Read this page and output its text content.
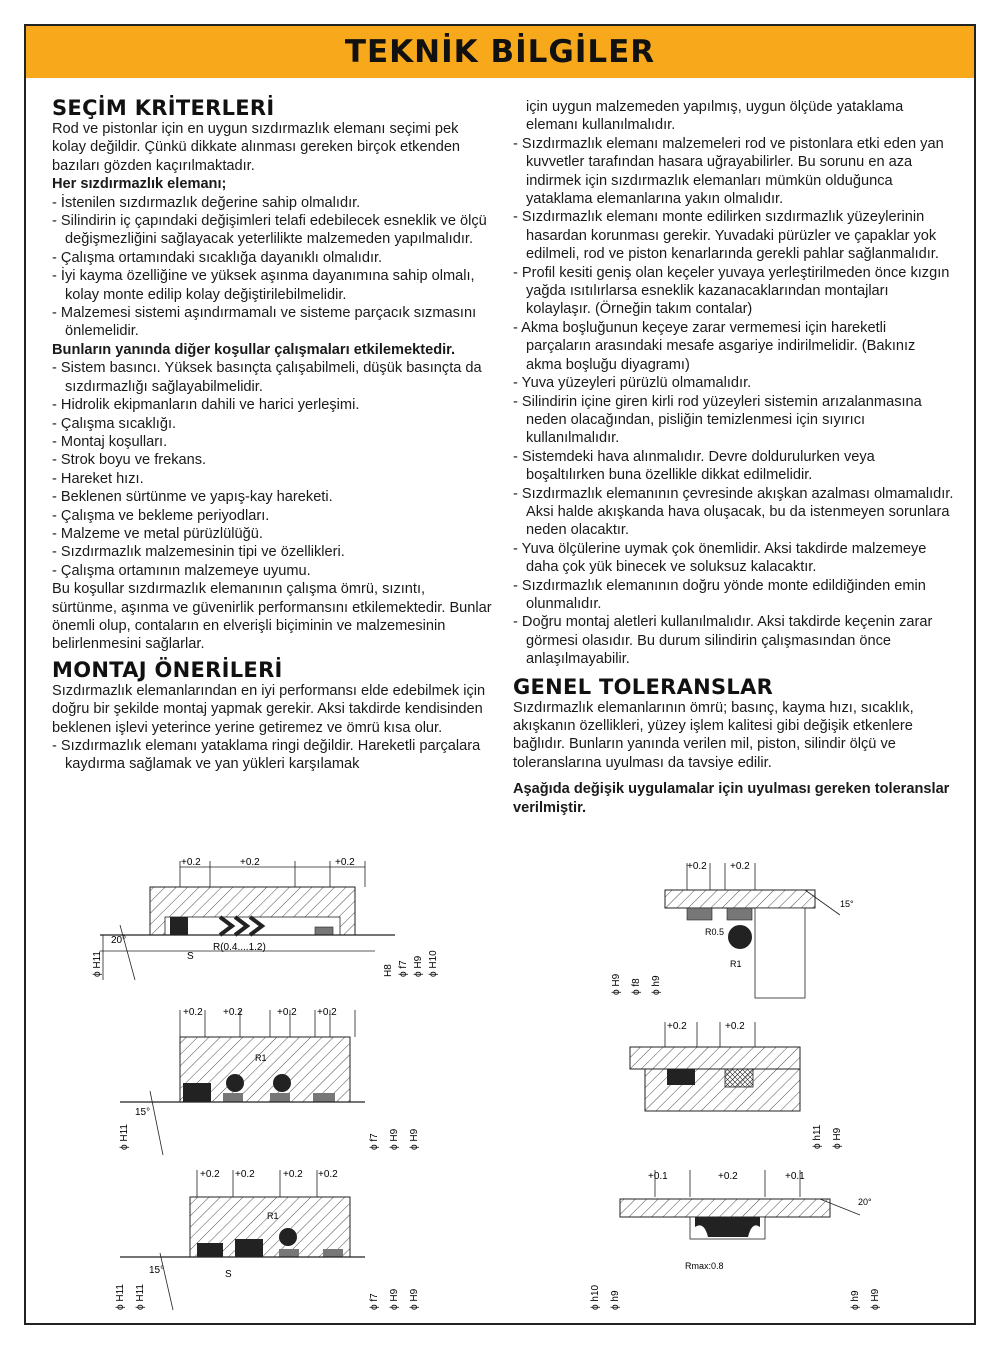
TEKNİK BİLGİLER
SEÇİM KRİTERLERİ

Rod ve pistonlar için en uygun sızdırmazlık elemanı seçimi pek kolay değildir. Çünkü dikkate alınması gereken birçok etkenden bazıları gözden kaçırılmaktadır.

Her sızdırmazlık elemanı;

- İstenilen sızdırmazlık değerine sahip olmalıdır.

- Silindirin iç çapındaki değişimleri telafi edebilecek esneklik ve ölçü değişmezliğini sağlayacak yeterlilikte malzemeden yapılmalıdır.

- Çalışma ortamındaki sıcaklığa dayanıklı olmalıdır.

- İyi kayma özelliğine ve yüksek aşınma dayanımına sahip olmalı, kolay monte edilip kolay değiştirilebilmelidir.

- Malzemesi sistemi aşındırmamalı ve sisteme parçacık sızmasını önlemelidir.

Bunların yanında diğer koşullar çalışmaları etkilemektedir.

- Sistem basıncı. Yüksek basınçta çalışabilmeli, düşük basınçta da sızdırmazlığı sağlayabilmelidir.

- Hidrolik ekipmanların dahili ve harici yerleşimi.

- Çalışma sıcaklığı.

- Montaj koşulları.

- Strok boyu ve frekans.

- Hareket hızı.

- Beklenen sürtünme ve yapış-kay hareketi.

- Çalışma ve bekleme periyodları.

- Malzeme ve metal pürüzlülüğü.

- Sızdırmazlık malzemesinin tipi ve özellikleri.

- Çalışma ortamının malzemeye uyumu.

Bu koşullar sızdırmazlık elemanının çalışma ömrü, sızıntı, sürtünme, aşınma ve güvenirlik performansını etkilemektedir. Bunlar önemli olup, contaların en elverişli biçiminin ve malzemesinin belirlenmesini sağlarlar.

MONTAJ ÖNERİLERİ

Sızdırmazlık elemanlarından en iyi performansı elde edebilmek için doğru bir şekilde montaj yapmak gerekir. Aksi takdirde kendisinden beklenen işlevi yeterince yerine getiremez ve ömrü kısa olur.

- Sızdırmazlık elemanı yataklama ringi değildir. Hareketli parçalara kaydırma sağlamak ve yan yükleri karşılamak

için uygun malzemeden yapılmış, uygun ölçüde yataklama elemanı kullanılmalıdır.

- Sızdırmazlık elemanı malzemeleri rod ve pistonlara etki eden yan kuvvetler tarafından hasara uğrayabilirler. Bu sorunu en aza indirmek için sızdırmazlık elemanları mümkün olduğunca yataklama elemanlarına yakın olmalıdır.

- Sızdırmazlık elemanı monte edilirken sızdırmazlık yüzeylerinin hasardan korunması gerekir. Yuvadaki pürüzler ve çapaklar yok edilmeli, rod ve piston kenarlarında gerekli pahlar sağlanmalıdır.

- Profil kesiti geniş olan keçeler yuvaya yerleştirilmeden önce kızgın yağda ısıtılırlarsa esneklik kazanacaklarından montajları kolaylaşır. (Örneğin takım contalar)

- Akma boşluğunun keçeye zarar vermemesi için hareketli parçaların arasındaki mesafe asgariye indirilmelidir. (Bakınız akma boşluğu diyagramı)

- Yuva yüzeyleri pürüzlü olmamalıdır.

- Silindirin içine giren kirli rod yüzeyleri sistemin arızalanmasına neden olacağından, pisliğin temizlenmesi için sıyırıcı kullanılmalıdır.

- Sistemdeki hava alınmalıdır. Devre doldurulurken veya boşaltılırken buna özellikle dikkat edilmelidir.

- Sızdırmazlık elemanının çevresinde akışkan azalması olmamalıdır. Aksi halde akışkanda hava oluşacak, bu da istenmeyen sorunlara neden olacaktır.

- Yuva ölçülerine uymak çok önemlidir. Aksi takdirde malzemeye daha çok yük binecek ve soluksuz kalacaktır.

- Sızdırmazlık elemanının doğru yönde monte edildiğinden emin olunmalıdır.

- Doğru montaj aletleri kullanılmalıdır. Aksi takdirde keçenin zarar görmesi olasıdır. Bu durum silindirin çalışmasından önce anlaşılmayabilir.

GENEL TOLERANSLAR

Sızdırmazlık elemanlarının ömrü; basınç, kayma hızı, sıcaklık, akışkanın özellikleri, yüzey işlem kalitesi gibi değişik etkenlere bağlıdır. Bunların yanında verilen mil, piston, silindir ölçü ve toleranslarına uyulması da tavsiye edilir.

Aşağıda değişik uygulamalar için uyulması gereken toleranslar verilmiştir.

+0.2	+0.2	+0.2
20°
R(0.4....1.2)
S
ϕ H11	H8 ϕ f7 ϕ H9 ϕ H10
+0.2 +0.2	+0.2 +0.2
R1
15°
ϕ H11	ϕ f7 ϕ H9 ϕ H9
+0.2 +0.2	+0.2 +0.2
R1
15°	S
ϕ H11 ϕ H11	ϕ f7 ϕ H9 ϕ H9
+0.2 +0.2
R0.5
R1
15°
ϕ H9 ϕ f8 ϕ h9
+0.2	+0.2
ϕ h11 ϕ H9
+0.1	+0.2	+0.1
20°
Rmax:0.8
ϕ h10 ϕ h9	ϕ h9 ϕ H9
